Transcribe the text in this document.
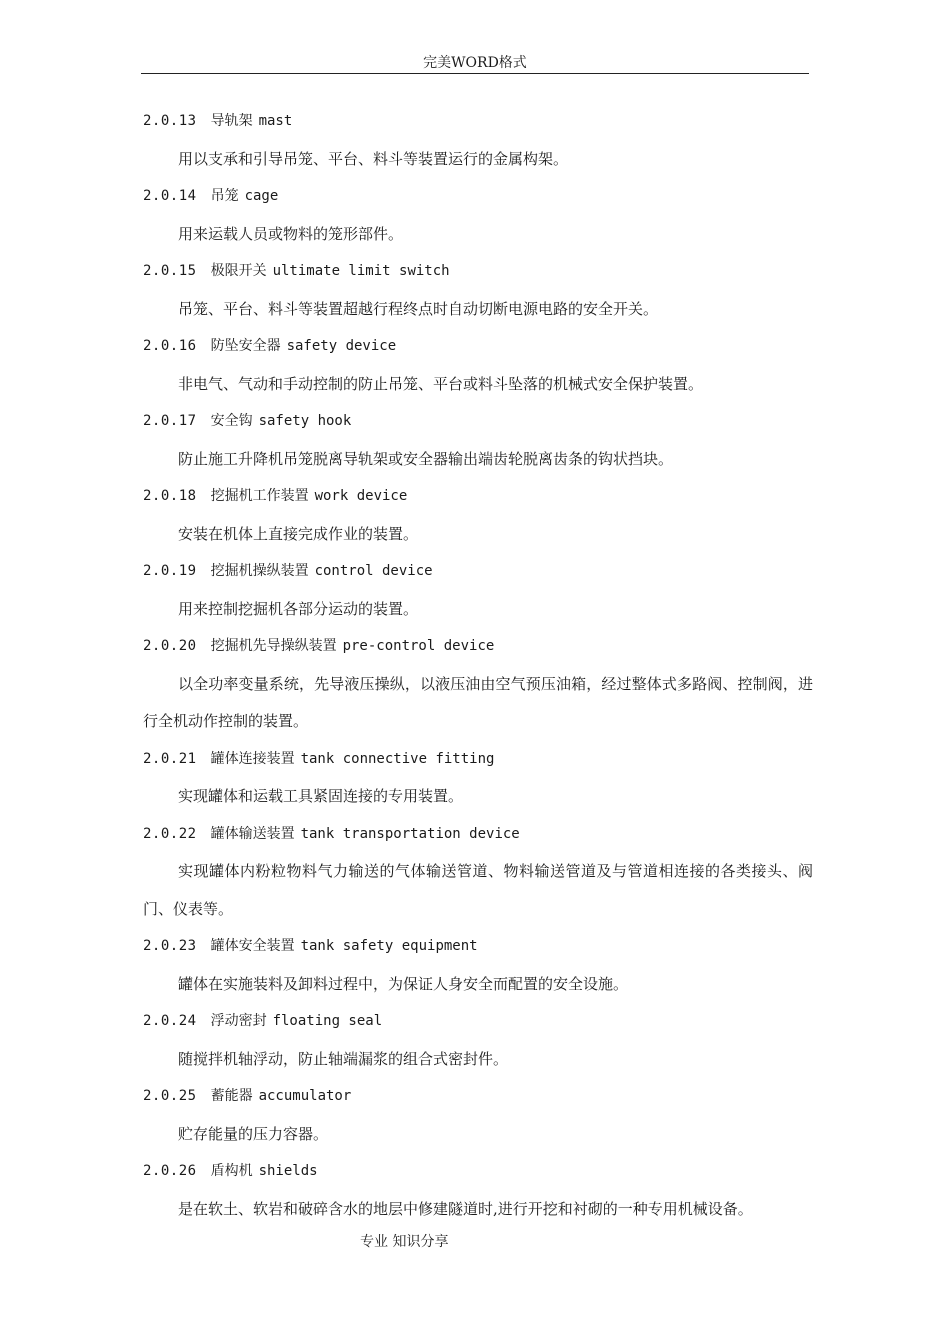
完美WORD格式
2.0.13 导轨架 mast

用以支承和引导吊笼、平台、料斗等装置运行的金属构架。

2.0.14 吊笼 cage

用来运载人员或物料的笼形部件。

2.0.15 极限开关 ultimate limit switch

吊笼、平台、料斗等装置超越行程终点时自动切断电源电路的安全开关。

2.0.16 防坠安全器 safety device

非电气、气动和手动控制的防止吊笼、平台或料斗坠落的机械式安全保护装置。

2.0.17 安全钩 safety hook

防止施工升降机吊笼脱离导轨架或安全器输出端齿轮脱离齿条的钩状挡块。

2.0.18 挖掘机工作装置 work device

安装在机体上直接完成作业的装置。

2.0.19 挖掘机操纵装置 control device

用来控制挖掘机各部分运动的装置。

2.0.20 挖掘机先导操纵装置 pre-control device

以全功率变量系统，先导液压操纵，以液压油由空气预压油箱，经过整体式多路阀、控制阀，进行全机动作控制的装置。

2.0.21 罐体连接装置 tank connective fitting

实现罐体和运载工具紧固连接的专用装置。

2.0.22 罐体输送装置 tank transportation device

实现罐体内粉粒物料气力输送的气体输送管道、物料输送管道及与管道相连接的各类接头、阀门、仪表等。

2.0.23 罐体安全装置 tank safety equipment

罐体在实施装料及卸料过程中，为保证人身安全而配置的安全设施。

2.0.24 浮动密封 floating seal

随搅拌机轴浮动，防止轴端漏浆的组合式密封件。

2.0.25 蓄能器 accumulator

贮存能量的压力容器。

2.0.26 盾构机 shields

是在软土、软岩和破碎含水的地层中修建隧道时,进行开挖和衬砌的一种专用机械设备。

专业 知识分享
